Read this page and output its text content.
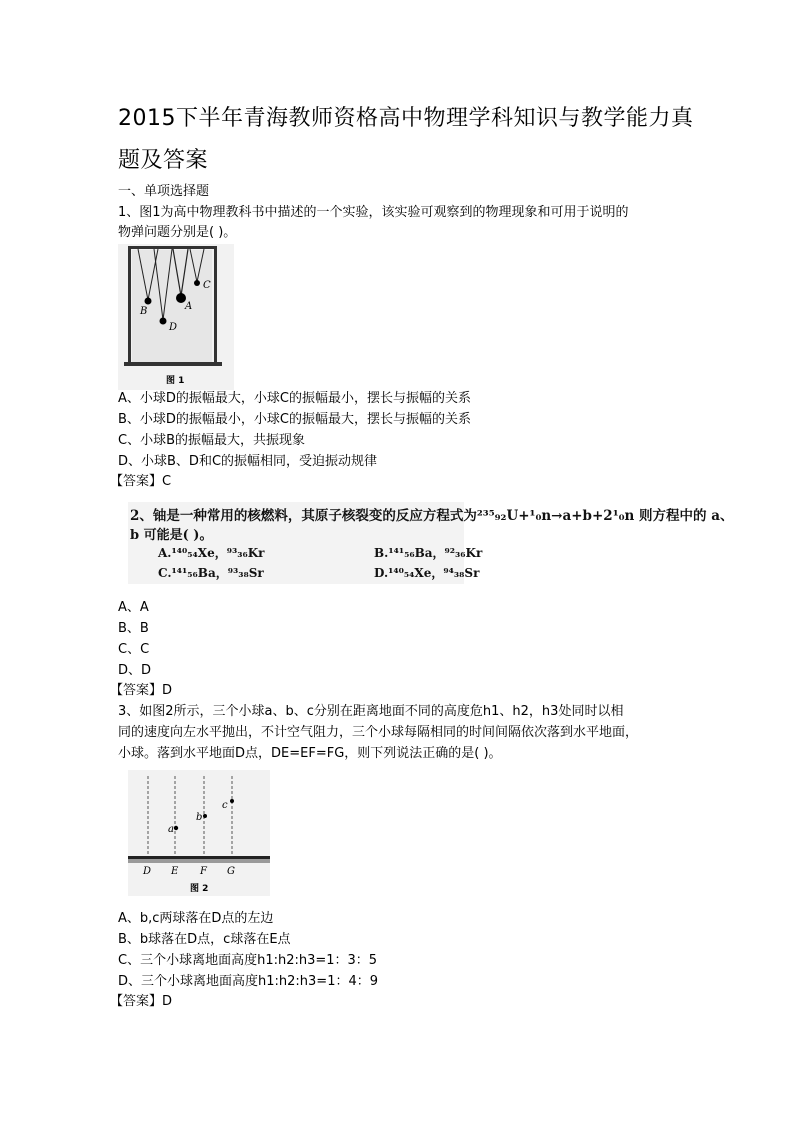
2015下半年青海教师资格高中物理学科知识与教学能力真
题及答案
一、单项选择题
1、图1为高中物理教科书中描述的一个实验，该实验可观察到的物理现象和可用于说明的
物弹问题分别是( )。
B
D
A
C
图 1
A、小球D的振幅最大，小球C的振幅最小，摆长与振幅的关系
B、小球D的振幅最小，小球C的振幅最大，摆长与振幅的关系
C、小球B的振幅最大，共振现象
D、小球B、D和C的振幅相同，受迫振动规律
【答案】C
2、铀是一种常用的核燃料，其原子核裂变的反应方程式为²³⁵₉₂U+¹₀n→a+b+2¹₀n 则方程中的 a、
b 可能是( )。
A.¹⁴⁰₅₄Xe，⁹³₃₆Kr	B.¹⁴¹₅₆Ba，⁹²₃₆Kr
C.¹⁴¹₅₆Ba，⁹³₃₈Sr	D.¹⁴⁰₅₄Xe，⁹⁴₃₈Sr
A、A
B、B
C、C
D、D
【答案】D
3、如图2所示，三个小球a、b、c分别在距离地面不同的高度危h1、h2，h3处同时以相
同的速度向左水平抛出，不计空气阻力，三个小球每隔相同的时间间隔依次落到水平地面，
小球。落到水平地面D点，DE=EF=FG，则下列说法正确的是( )。
a
b
c
D E F G
图 2
A、b,c两球落在D点的左边
B、b球落在D点，c球落在E点
C、三个小球离地面高度h1:h2:h3=1：3：5
D、三个小球离地面高度h1:h2:h3=1：4：9
【答案】D
